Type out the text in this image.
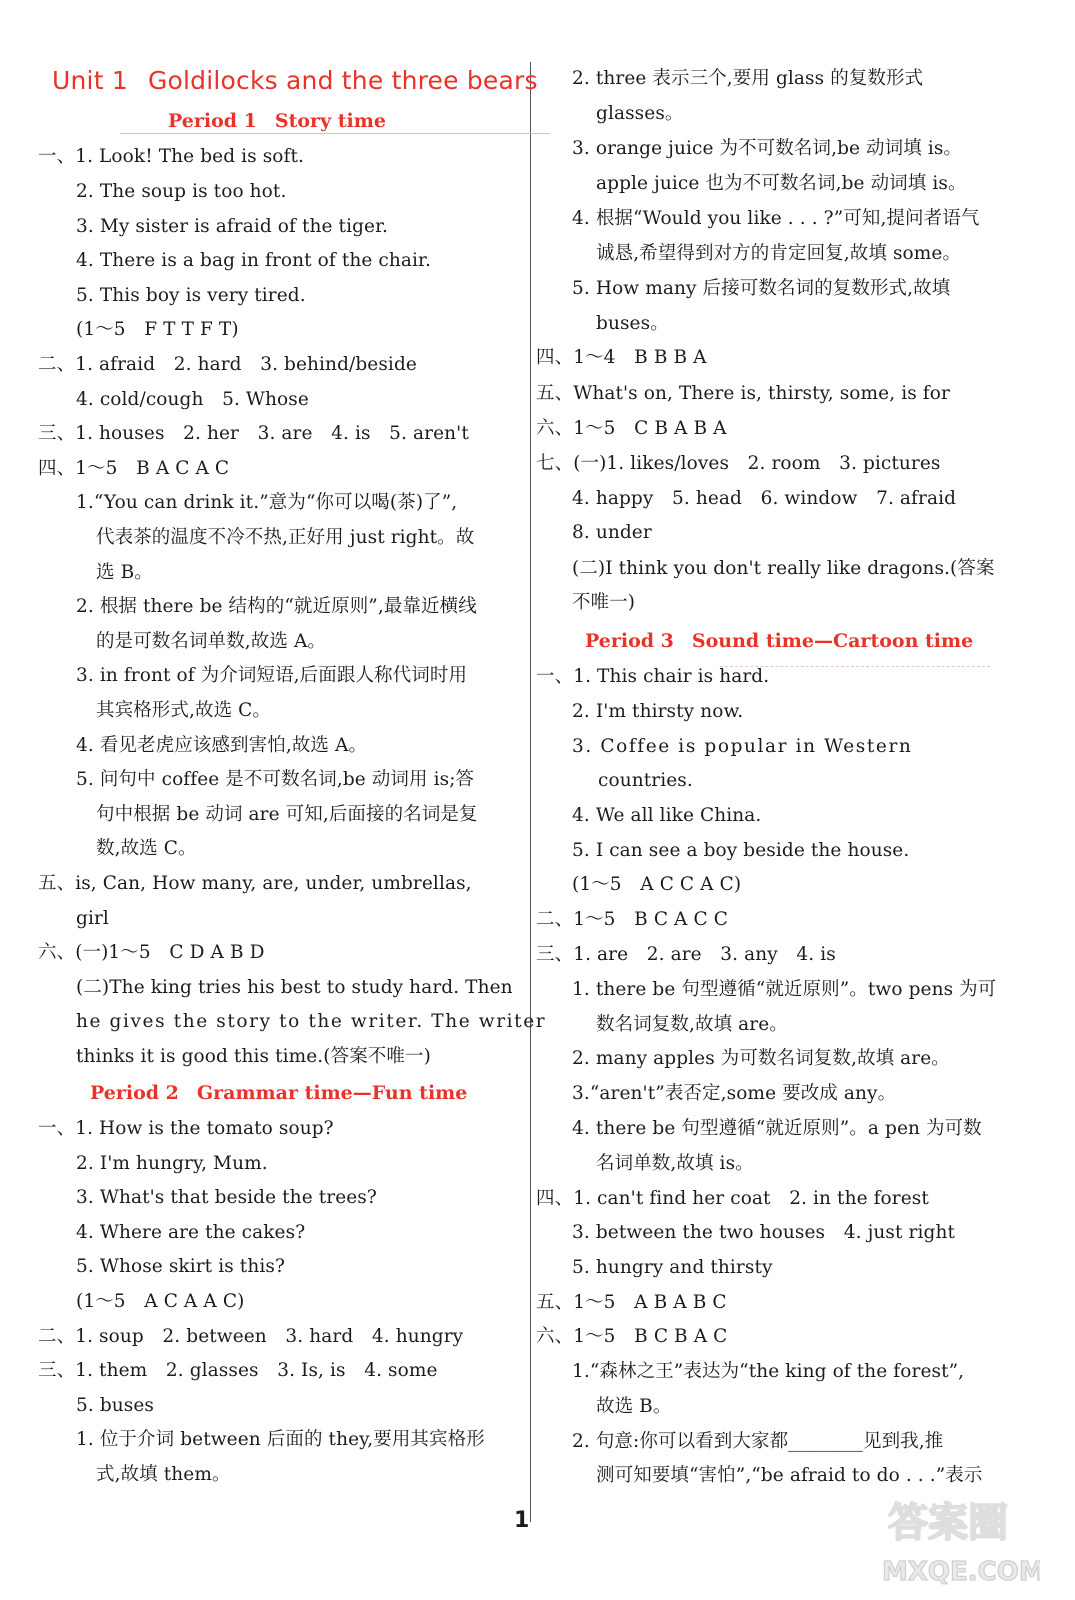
Unit 1 Goldilocks and the three bears
Period 1 Story time
Period 2 Grammar time—Fun time
Period 3 Sound time—Cartoon time
一、1. Look! The bed is soft.
2. The soup is too hot.
3. My sister is afraid of the tiger.
4. There is a bag in front of the chair.
5. This boy is very tired.
(1～5　F T T F T)
二、1. afraid　2. hard　3. behind/beside
4. cold/cough　5. Whose
三、1. houses　2. her　3. are　4. is　5. aren't
四、1～5　B A C A C
1.“You can drink it.”意为“你可以喝(茶)了”,
代表茶的温度不冷不热,正好用 just right。故
选 B。
2. 根据 there be 结构的“就近原则”,最靠近横线
的是可数名词单数,故选 A。
3. in front of 为介词短语,后面跟人称代词时用
其宾格形式,故选 C。
4. 看见老虎应该感到害怕,故选 A。
5. 问句中 coffee 是不可数名词,be 动词用 is;答
句中根据 be 动词 are 可知,后面接的名词是复
数,故选 C。
五、is, Can, How many, are, under, umbrellas,
girl
六、(一)1～5　C D A B D
(二)The king tries his best to study hard. Then
he gives the story to the writer. The writer
thinks it is good this time.(答案不唯一)
一、1. How is the tomato soup?
2. I'm hungry, Mum.
3. What's that beside the trees?
4. Where are the cakes?
5. Whose skirt is this?
(1～5　A C A A C)
二、1. soup　2. between　3. hard　4. hungry
三、1. them　2. glasses　3. Is, is　4. some
5. buses
1. 位于介词 between 后面的 they,要用其宾格形
式,故填 them。
2. three 表示三个,要用 glass 的复数形式
glasses。
3. orange juice 为不可数名词,be 动词填 is。
apple juice 也为不可数名词,be 动词填 is。
4. 根据“Would you like . . . ?”可知,提问者语气
诚恳,希望得到对方的肯定回复,故填 some。
5. How many 后接可数名词的复数形式,故填
buses。
四、1～4　B B B A
五、What's on, There is, thirsty, some, is for
六、1～5　C B A B A
七、(一)1. likes/loves　2. room　3. pictures
4. happy　5. head　6. window　7. afraid
8. under
(二)I think you don't really like dragons.(答案
不唯一)
一、1. This chair is hard.
2. I'm thirsty now.
3. Coffee is popular in Western
countries.
4. We all like China.
5. I can see a boy beside the house.
(1～5　A C C A C)
二、1～5　B C A C C
三、1. are　2. are　3. any　4. is
1. there be 句型遵循“就近原则”。two pens 为可
数名词复数,故填 are。
2. many apples 为可数名词复数,故填 are。
3.“aren't”表否定,some 要改成 any。
4. there be 句型遵循“就近原则”。a pen 为可数
名词单数,故填 is。
四、1. can't find her coat　2. in the forest
3. between the two houses　4. just right
5. hungry and thirsty
五、1～5　A B A B C
六、1～5　B C B A C
1.“森林之王”表达为“the king of the forest”,
故选 B。
2. 句意:你可以看到大家都________见到我,推
测可知要填“害怕”,“be afraid to do . . .”表示
1	答案圈
MXQE.COM
